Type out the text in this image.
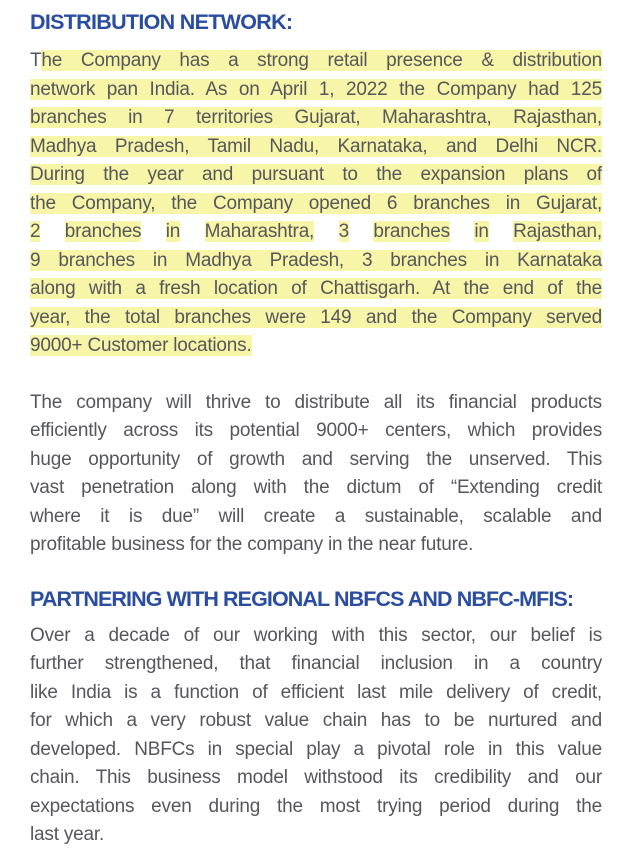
DISTRIBUTION NETWORK:
The Company has a strong retail presence & distribution
network pan India. As on April 1, 2022 the Company had 125
branches in 7 territories Gujarat, Maharashtra, Rajasthan,
Madhya Pradesh, Tamil Nadu, Karnataka, and Delhi NCR.
During the year and pursuant to the expansion plans of
the Company, the Company opened 6 branches in Gujarat,
2 branches in Maharashtra, 3 branches in Rajasthan,
9 branches in Madhya Pradesh, 3 branches in Karnataka
along with a fresh location of Chattisgarh. At the end of the
year, the total branches were 149 and the Company served
9000+ Customer locations.
The company will thrive to distribute all its financial products
efficiently across its potential 9000+ centers, which provides
huge opportunity of growth and serving the unserved. This
vast penetration along with the dictum of “Extending credit
where it is due” will create a sustainable, scalable and
profitable business for the company in the near future.
PARTNERING WITH REGIONAL NBFCS AND NBFC-MFIS:
Over a decade of our working with this sector, our belief is
further strengthened, that financial inclusion in a country
like India is a function of efficient last mile delivery of credit,
for which a very robust value chain has to be nurtured and
developed. NBFCs in special play a pivotal role in this value
chain. This business model withstood its credibility and our
expectations even during the most trying period during the
last year.
